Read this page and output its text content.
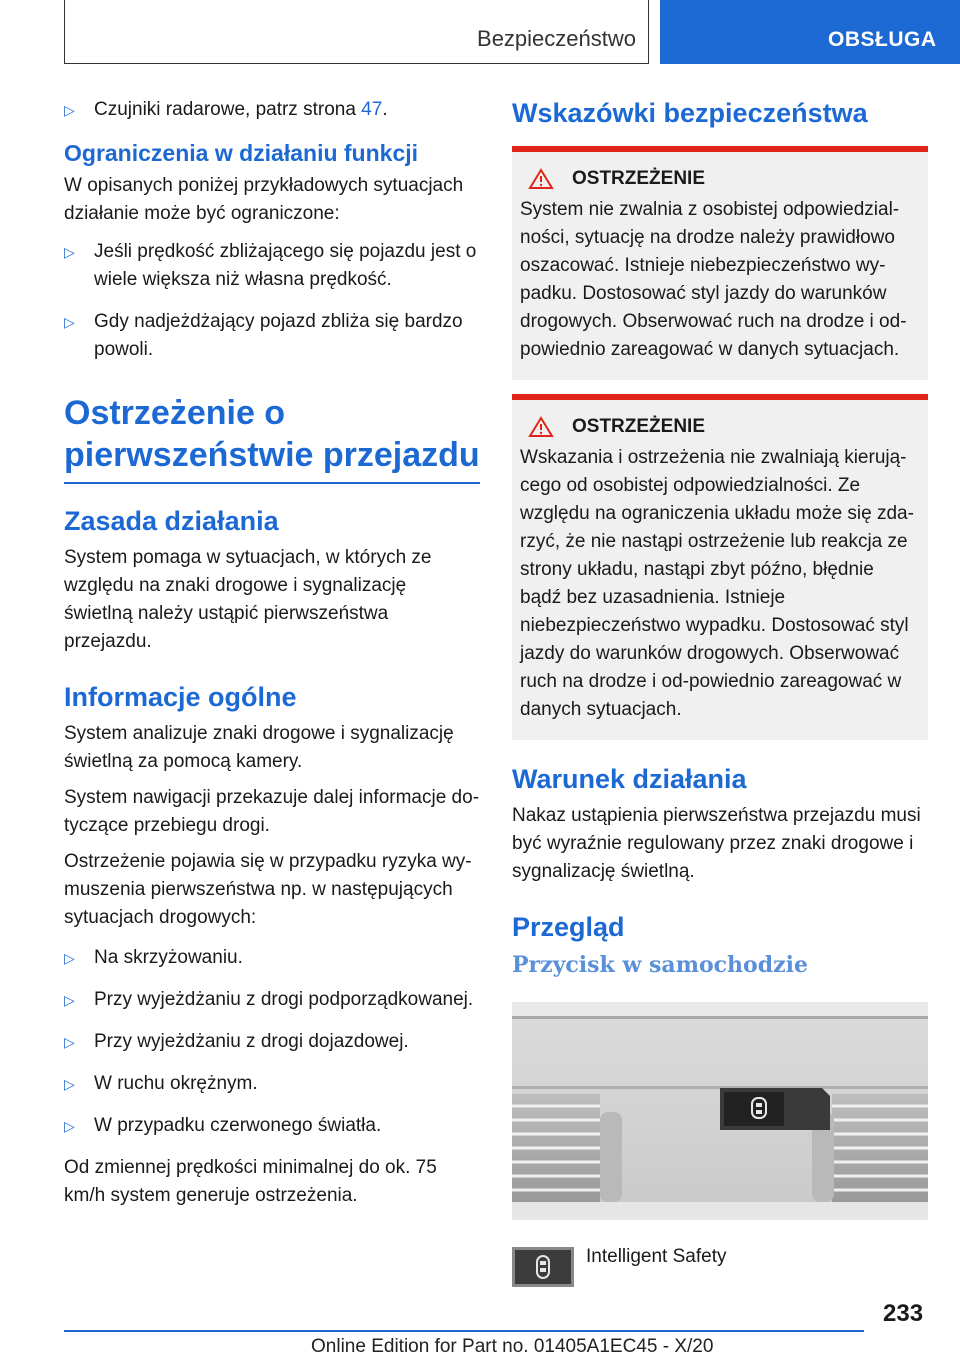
Bezpieczeństwo	OBSŁUGA
▷ Czujniki radarowe, patrz strona 47.
Ograniczenia w działaniu funkcji

W opisanych poniżej przykładowych sytuacjach działanie może być ograniczone:

▷ Jeśli prędkość zbliżającego się pojazdu jest o wiele większa niż własna prędkość.
▷ Gdy nadjeżdżający pojazd zbliża się bardzo powoli.
Ostrzeżenie o pierwszeństwie przejazdu
Zasada działania

System pomaga w sytuacjach, w których ze względu na znaki drogowe i sygnalizację świetlną należy ustąpić pierwszeństwa przejazdu.

Informacje ogólne

System analizuje znaki drogowe i sygnalizację świetlną za pomocą kamery.

System nawigacji przekazuje dalej informacje do-tyczące przebiegu drogi.

Ostrzeżenie pojawia się w przypadku ryzyka wy-muszenia pierwszeństwa np. w następujących sytuacjach drogowych:

▷ Na skrzyżowaniu.
▷ Przy wyjeżdżaniu z drogi podporządkowanej.
▷ Przy wyjeżdżaniu z drogi dojazdowej.
▷ W ruchu okrężnym.
▷ W przypadku czerwonego światła.

Od zmiennej prędkości minimalnej do ok. 75 km/h system generuje ostrzeżenia.

Wskazówki bezpieczeństwa
OSTRZEŻENIE

System nie zwalnia z osobistej odpowiedzial-ności, sytuację na drodze należy prawidłowo oszacować. Istnieje niebezpieczeństwo wy-padku. Dostosować styl jazdy do warunków drogowych. Obserwować ruch na drodze i od-powiednio zareagować w danych sytuacjach.

OSTRZEŻENIE

Wskazania i ostrzeżenia nie zwalniają kierują-cego od osobistej odpowiedzialności. Ze względu na ograniczenia układu może się zda-rzyć, że nie nastąpi ostrzeżenie lub reakcja ze strony układu, nastąpi zbyt późno, błędnie bądź bez uzasadnienia. Istnieje niebezpieczeństwo wypadku. Dostosować styl jazdy do warunków drogowych. Obserwować ruch na drodze i od-powiednio zareagować w danych sytuacjach.

Warunek działania

Nakaz ustąpienia pierwszeństwa przejazdu musi być wyraźnie regulowany przez znaki drogowe i sygnalizację świetlną.

Przegląd
Przycisk w samochodzie
Intelligent Safety
233
Online Edition for Part no. 01405A1EC45 - X/20
